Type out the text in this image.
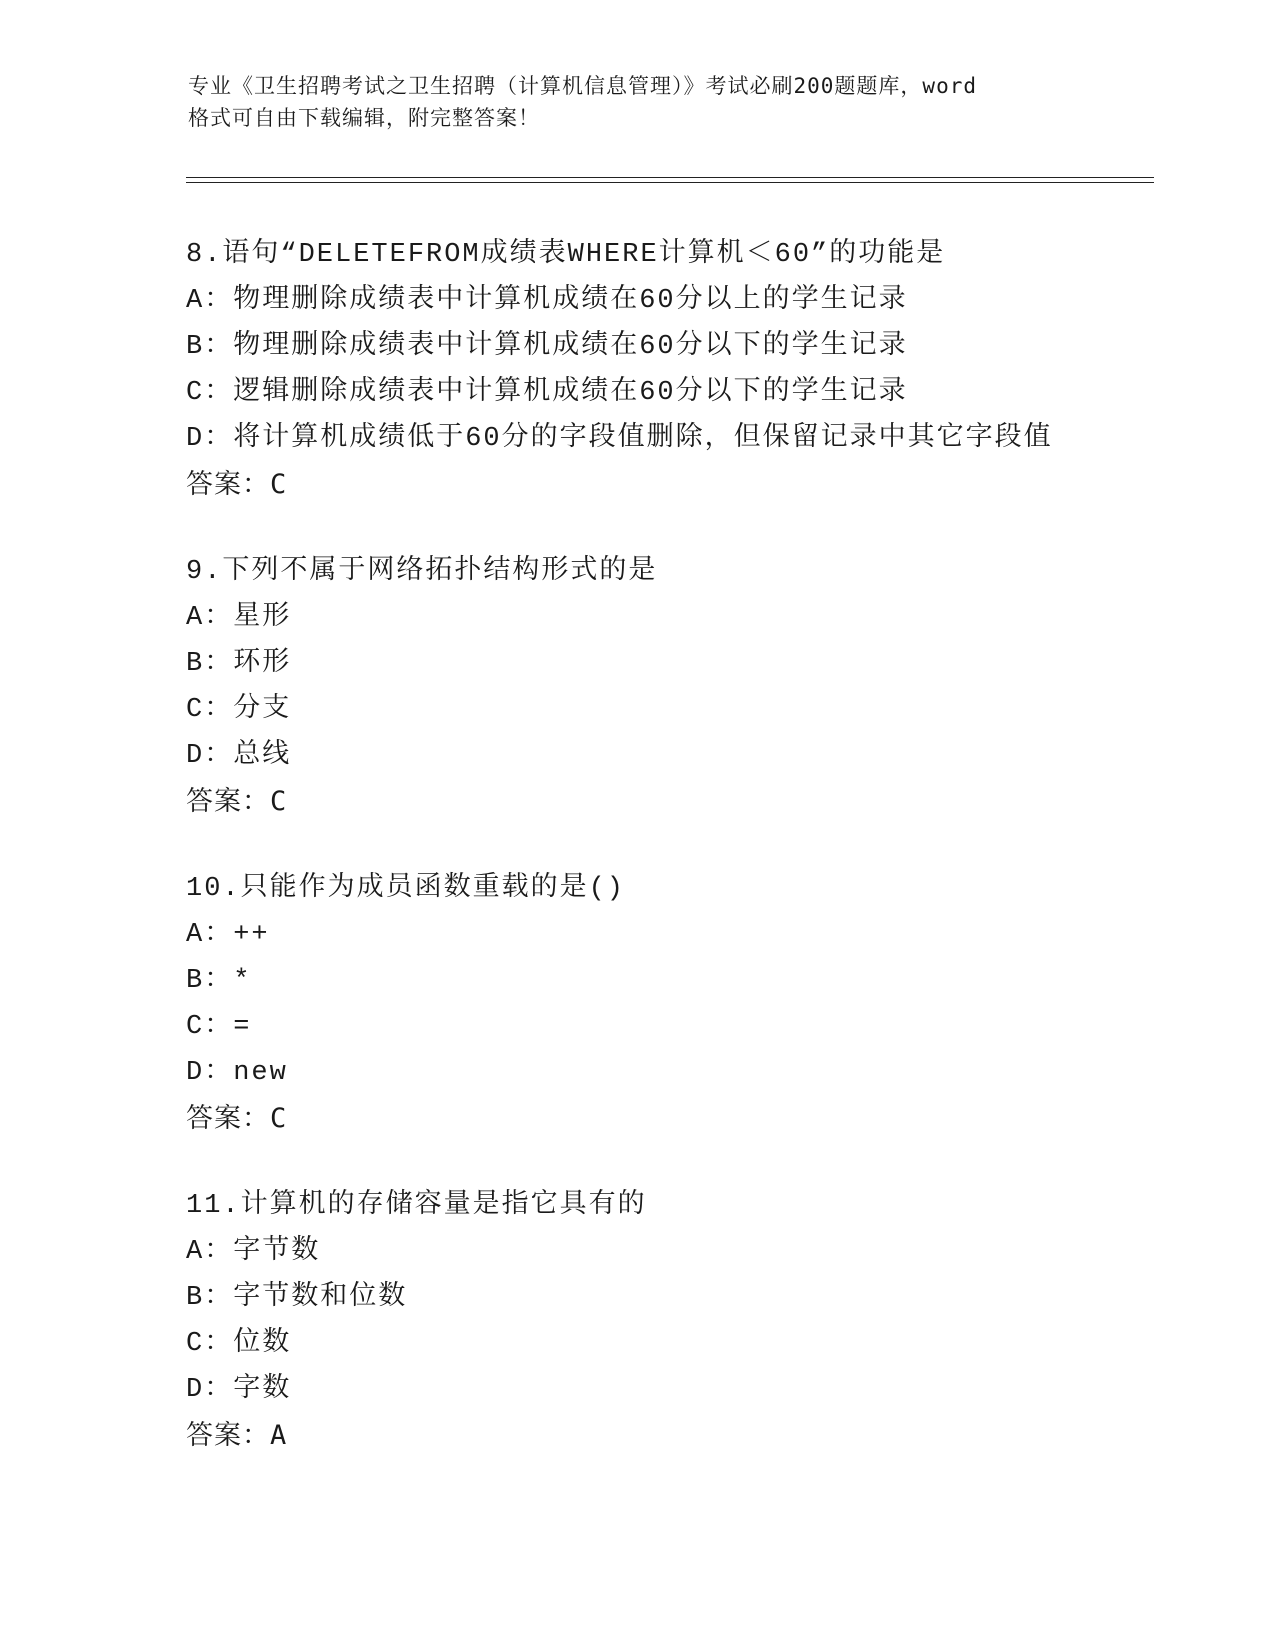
专业《卫生招聘考试之卫生招聘（计算机信息管理）》考试必刷200题题库，word
格式可自由下载编辑，附完整答案！
8.语句“DELETEFROM成绩表WHERE计算机＜60”的功能是
A：物理删除成绩表中计算机成绩在60分以上的学生记录
B：物理删除成绩表中计算机成绩在60分以下的学生记录
C：逻辑删除成绩表中计算机成绩在60分以下的学生记录
D：将计算机成绩低于60分的字段值删除，但保留记录中其它字段值
答案：C
9.下列不属于网络拓扑结构形式的是
A：星形
B：环形
C：分支
D：总线
答案：C
10.只能作为成员函数重载的是()
A：++
B：*
C：=
D：new
答案：C
11.计算机的存储容量是指它具有的
A：字节数
B：字节数和位数
C：位数
D：字数
答案：A
